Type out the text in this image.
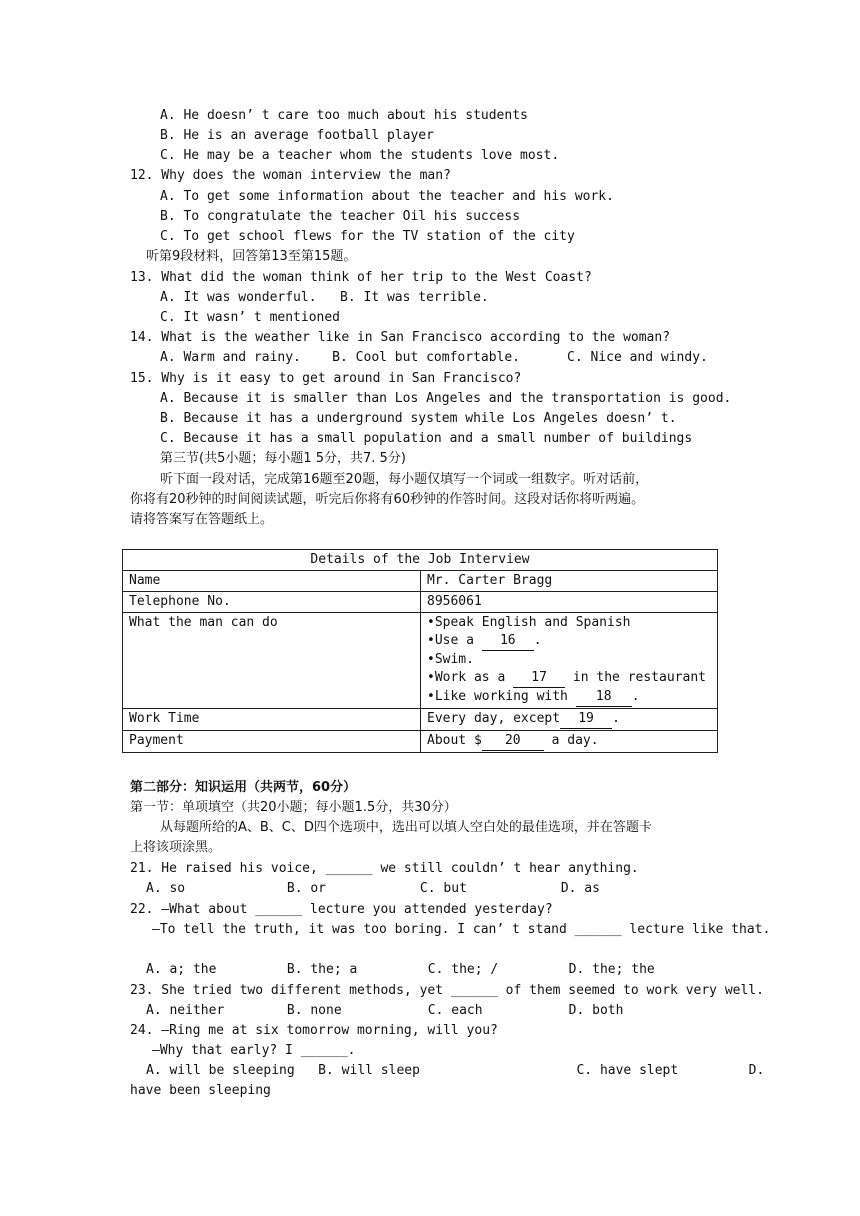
A. He doesn’ t care too much about his students
B. He is an average football player
C. He may be a teacher whom the students love most.
12. Why does the woman interview the man?
A. To get some information about the teacher and his work.
B. To congratulate the teacher Oil his success
C. To get school flews for the TV station of the city
听第9段材料，回答第13至第15题。
13. What did the woman think of her trip to the West Coast?
A. It was wonderful.   B. It was terrible.
C. It wasn’ t mentioned
14. What is the weather like in San Francisco according to the woman?
A. Warm and rainy.    B. Cool but comfortable.      C. Nice and windy.
15. Why is it easy to get around in San Francisco?
A. Because it is smaller than Los Angeles and the transportation is good.
B. Because it has a underground system while Los Angeles doesn’ t.
C. Because it has a small population and a small number of buildings
第三节(共5小题；每小题1 5分，共7. 5分)
听下面一段对话，完成第16题至20题，每小题仅填写一个词或一组数字。听对话前，
你将有20秒钟的时间阅读试题，听完后你将有60秒钟的作答时间。这段对话你将听两遍。
请将答案写在答题纸上。
Details of the Job Interview	
Name	Mr. Carter Bragg
Telephone No.	8956061
What the man can do	•Speak English and Spanish
•Use a 16 .
•Swim.
•Work as a 17 in the restaurant
•Like working with 18 .

Work Time	Every day, except 19 .
Payment	About $ 20 a day.
第二部分：知识运用（共两节，60分）
第一节：单项填空（共20小题；每小题1.5分，共30分）
从每题所给的A、B、C、D四个选项中，选出可以填人空白处的最佳选项，并在答题卡
上将该项涂黑。
21. He raised his voice, ______ we still couldn’ t hear anything.
A. so             B. or            C. but            D. as
22. —What about ______ lecture you attended yesterday?
—To tell the truth, it was too boring. I can’ t stand ______ lecture like that.
A. a; the         B. the; a         C. the; /         D. the; the
23. She tried two different methods, yet ______ of them seemed to work very well.
A. neither        B. none           C. each           D. both
24. —Ring me at six tomorrow morning, will you?
—Why that early? I ______.
A. will be sleeping   B. will sleep                    C. have slept         D.
have been sleeping
